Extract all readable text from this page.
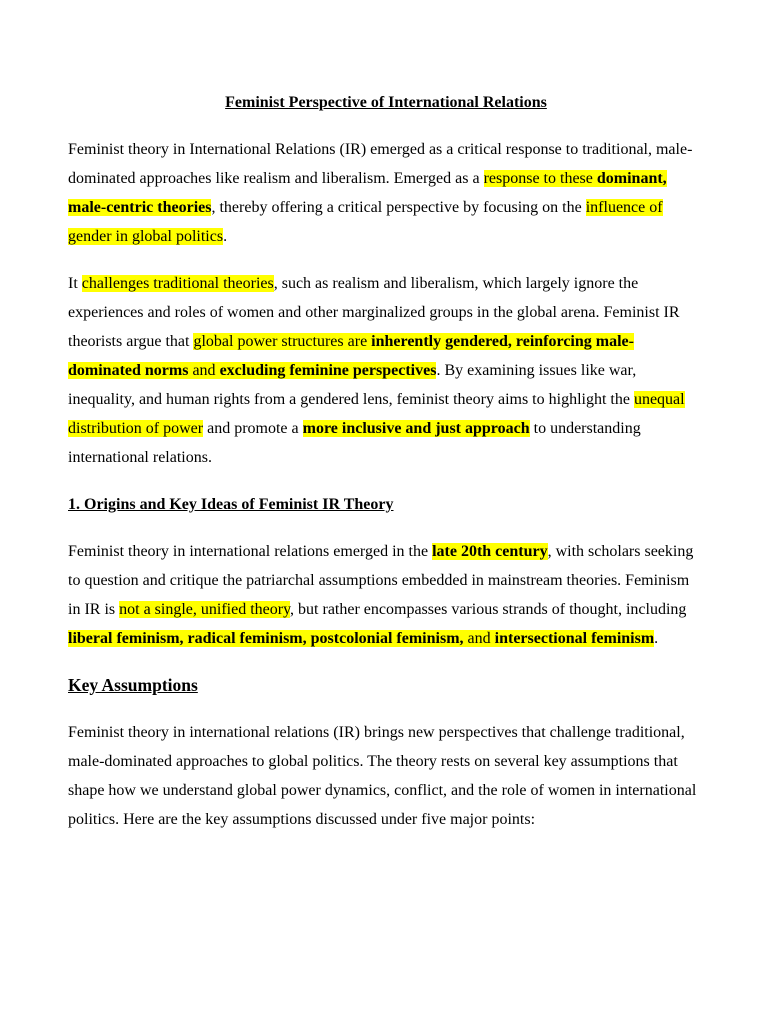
Feminist Perspective of International Relations

Feminist theory in International Relations (IR) emerged as a critical response to traditional, male-dominated approaches like realism and liberalism. Emerged as a response to these dominant, male-centric theories, thereby offering a critical perspective by focusing on the influence of gender in global politics.

It challenges traditional theories, such as realism and liberalism, which largely ignore the experiences and roles of women and other marginalized groups in the global arena. Feminist IR theorists argue that global power structures are inherently gendered, reinforcing male-dominated norms and excluding feminine perspectives. By examining issues like war, inequality, and human rights from a gendered lens, feminist theory aims to highlight the unequal distribution of power and promote a more inclusive and just approach to understanding international relations.

1. Origins and Key Ideas of Feminist IR Theory

Feminist theory in international relations emerged in the late 20th century, with scholars seeking to question and critique the patriarchal assumptions embedded in mainstream theories. Feminism in IR is not a single, unified theory, but rather encompasses various strands of thought, including liberal feminism, radical feminism, postcolonial feminism, and intersectional feminism.

Key Assumptions

Feminist theory in international relations (IR) brings new perspectives that challenge traditional, male-dominated approaches to global politics. The theory rests on several key assumptions that shape how we understand global power dynamics, conflict, and the role of women in international politics. Here are the key assumptions discussed under five major points:
